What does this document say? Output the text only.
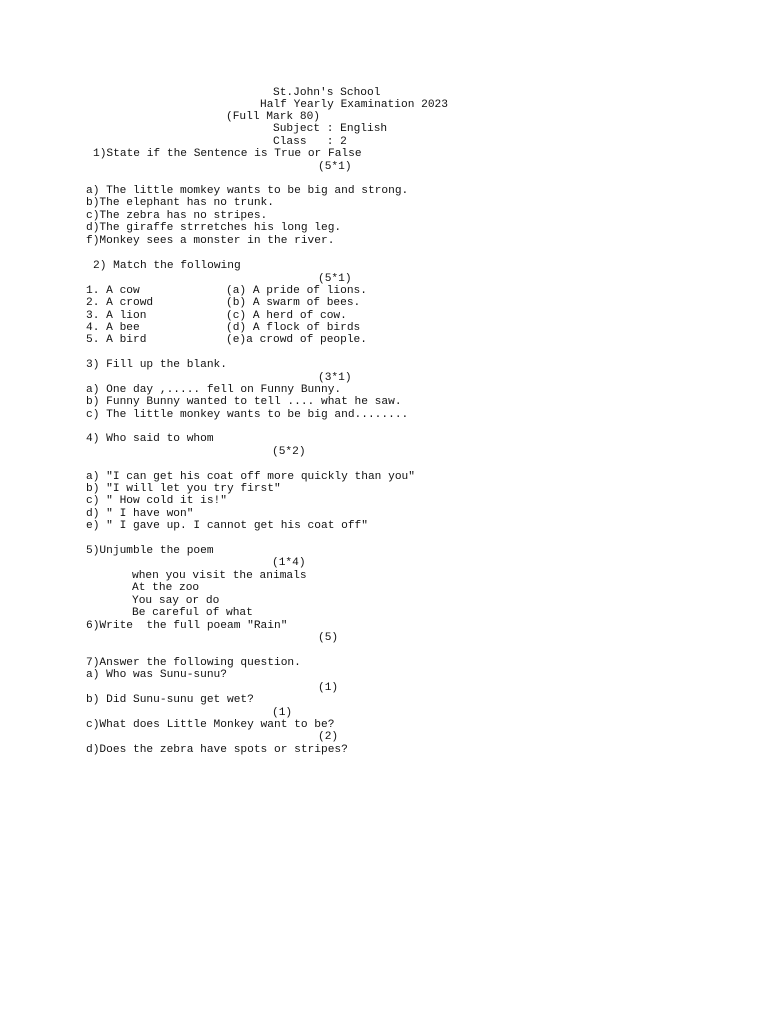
St.John's School
Half Yearly Examination 2023
(Full Mark 80)
Subject : English
Class   : 2
1)State if the Sentence is True or False
(5*1)
a) The little momkey wants to be big and strong.
b)The elephant has no trunk.
c)The zebra has no stripes.
d)The giraffe strretches his long leg.
f)Monkey sees a monster in the river.
2) Match the following
(5*1)
1. A cow	(a) A pride of lions.
2. A crowd	(b) A swarm of bees.
3. A lion	(c) A herd of cow.
4. A bee	(d) A flock of birds
5. A bird	(e)a crowd of people.
3) Fill up the blank.
(3*1)
a) One day ,..... fell on Funny Bunny.
b) Funny Bunny wanted to tell .... what he saw.
c) The little monkey wants to be big and........
4) Who said to whom
(5*2)
a) "I can get his coat off more quickly than you"
b) "I will let you try first"
c) " How cold it is!"
d) " I have won"
e) " I gave up. I cannot get his coat off"
5)Unjumble the poem
(1*4)
when you visit the animals
At the zoo
You say or do
Be careful of what
6)Write  the full poeam "Rain"
(5)
7)Answer the following question.
a) Who was Sunu-sunu?
(1)
b) Did Sunu-sunu get wet?
(1)
c)What does Little Monkey want to be?
(2)
d)Does the zebra have spots or stripes?
